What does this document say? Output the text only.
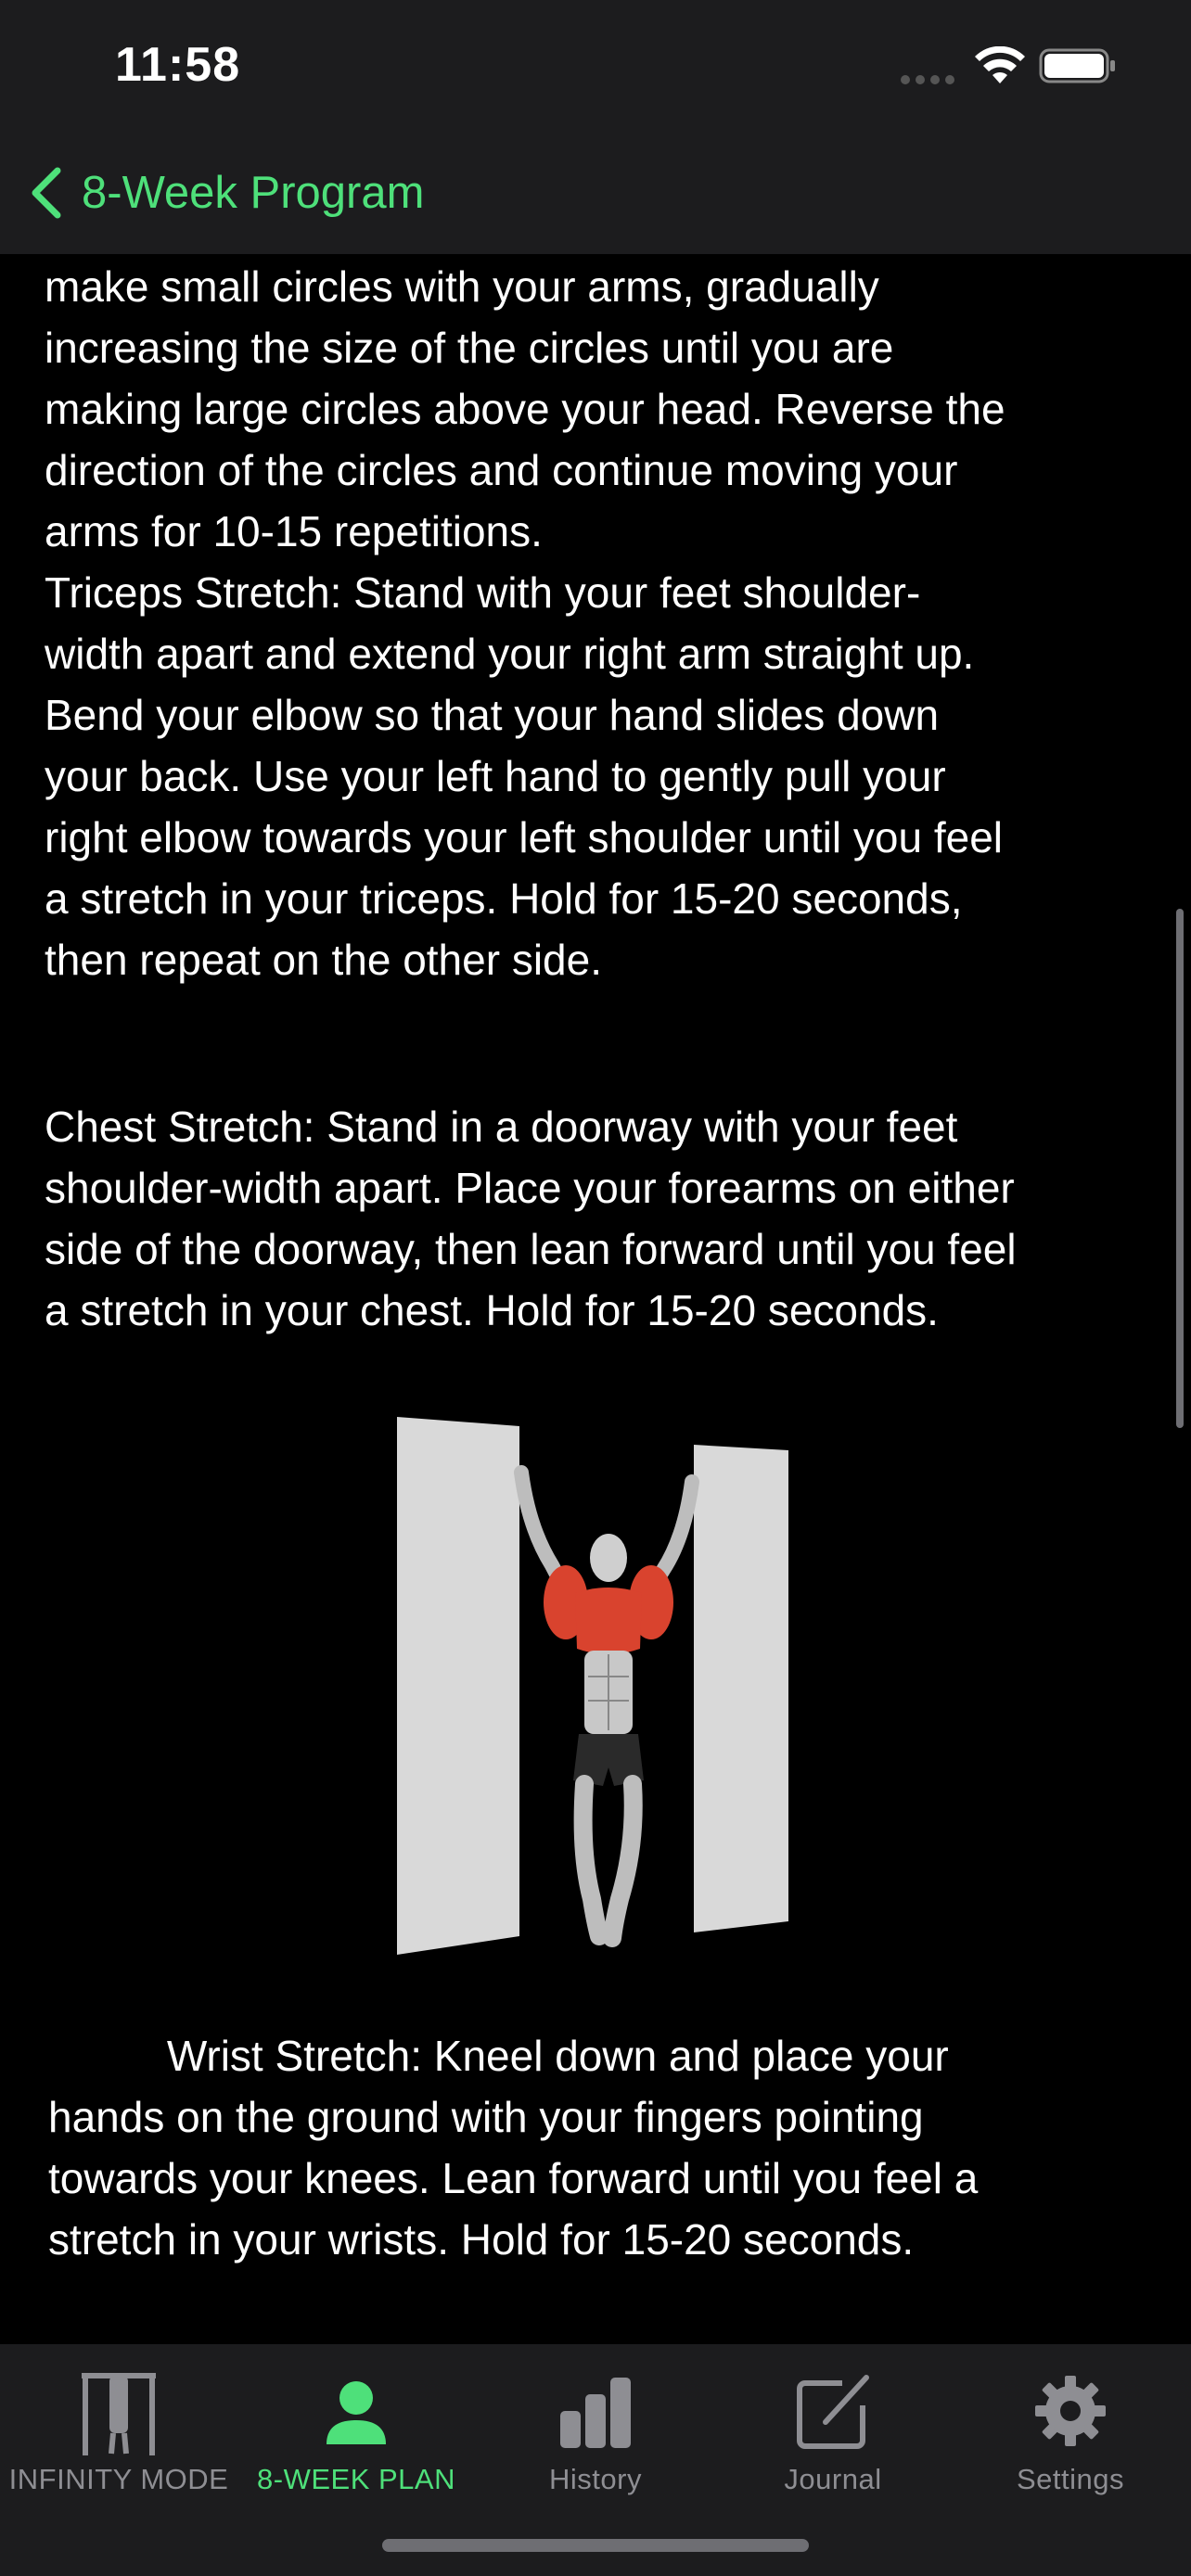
11:58
8-Week Program

make small circles with your arms, gradually
increasing the size of the circles until you are
making large circles above your head. Reverse the
direction of the circles and continue moving your
arms for 10-15 repetitions.
Triceps Stretch: Stand with your feet shoulder-
width apart and extend your right arm straight up.
Bend your elbow so that your hand slides down
your back. Use your left hand to gently pull your
right elbow towards your left shoulder until you feel
a stretch in your triceps. Hold for 15-20 seconds,
then repeat on the other side.

Chest Stretch: Stand in a doorway with your feet
shoulder-width apart. Place your forearms on either
side of the doorway, then lean forward until you feel
a stretch in your chest. Hold for 15-20 seconds.

Wrist Stretch: Kneel down and place your
hands on the ground with your fingers pointing
towards your knees. Lean forward until you feel a
stretch in your wrists. Hold for 15-20 seconds.

INFINITY MODE 8-WEEK PLAN	History	Journal	Settings
